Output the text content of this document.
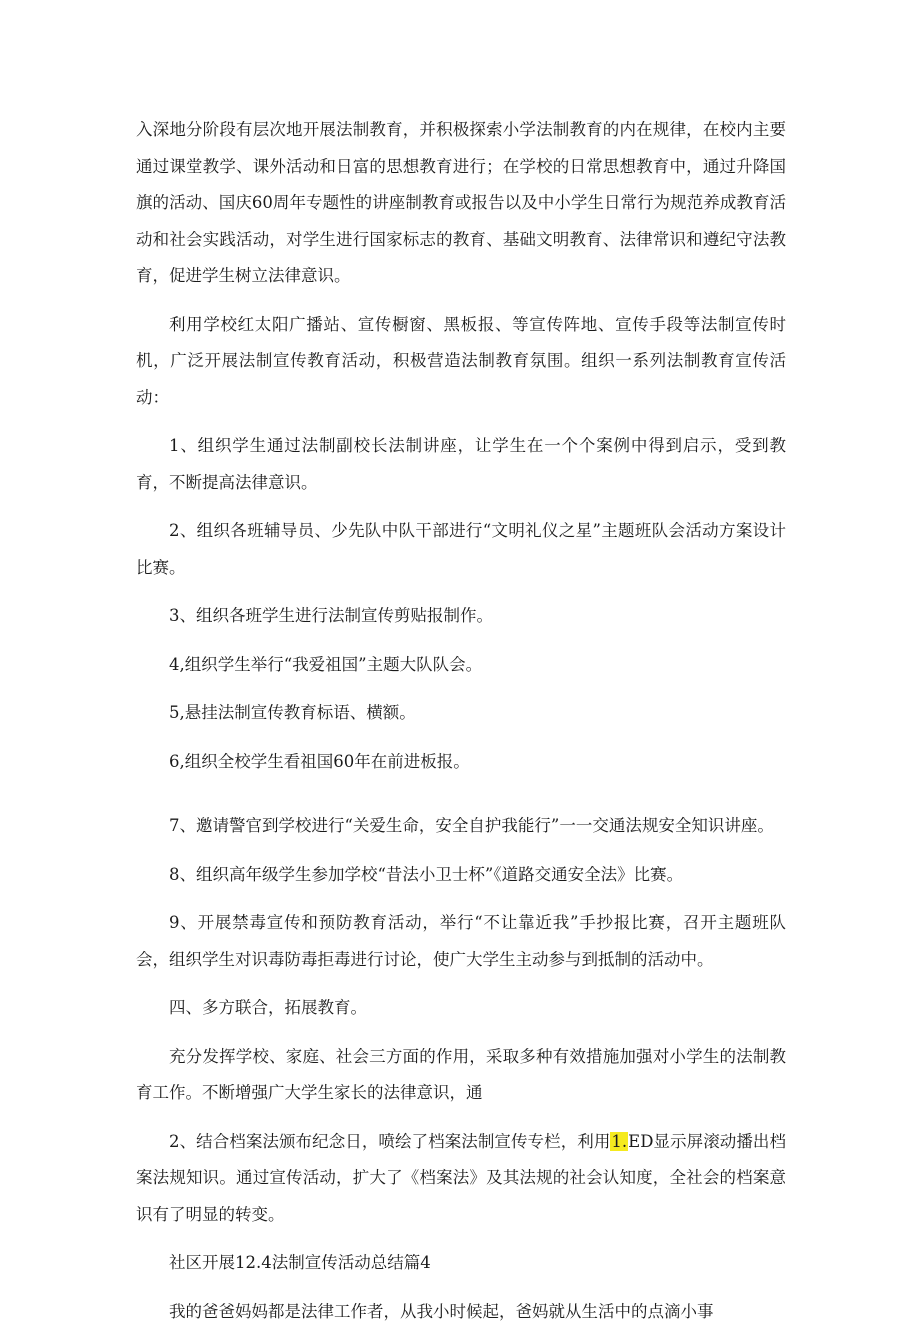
入深地分阶段有层次地开展法制教育，并积极探索小学法制教育的内在规律，在校内主要通过课堂教学、课外活动和日富的思想教育进行；在学校的日常思想教育中，通过升降国旗的活动、国庆60周年专题性的讲座制教育或报告以及中小学生日常行为规范养成教育活动和社会实践活动，对学生进行国家标志的教育、基础文明教育、法律常识和遵纪守法教育，促进学生树立法律意识。

利用学校红太阳广播站、宣传橱窗、黑板报、等宣传阵地、宣传手段等法制宣传时机，广泛开展法制宣传教育活动，积极营造法制教育氛围。组织一系列法制教育宣传活动：

1、组织学生通过法制副校长法制讲座，让学生在一个个案例中得到启示，受到教育，不断提高法律意识。

2、组织各班辅导员、少先队中队干部进行“文明礼仪之星”主题班队会活动方案设计比赛。

3、组织各班学生进行法制宣传剪贴报制作。

4,组织学生举行“我爱祖国”主题大队队会。

5,悬挂法制宣传教育标语、横额。

6,组织全校学生看祖国60年在前进板报。

7、邀请警官到学校进行“关爱生命，安全自护我能行”一一交通法规安全知识讲座。

8、组织高年级学生参加学校“昔法小卫士杯”《道路交通安全法》比赛。

9、开展禁毒宣传和预防教育活动，举行“不让靠近我”手抄报比赛，召开主题班队会，组织学生对识毒防毒拒毒进行讨论，使广大学生主动参与到抵制的活动中。

四、多方联合，拓展教育。

充分发挥学校、家庭、社会三方面的作用，采取多种有效措施加强对小学生的法制教育工作。不断增强广大学生家长的法律意识，通

2、结合档案法颁布纪念日，喷绘了档案法制宣传专栏，利用1.ED显示屏滚动播出档案法规知识。通过宣传活动，扩大了《档案法》及其法规的社会认知度，全社会的档案意识有了明显的转变。

社区开展12.4法制宣传活动总结篇4

我的爸爸妈妈都是法律工作者，从我小时候起，爸妈就从生活中的点滴小事
